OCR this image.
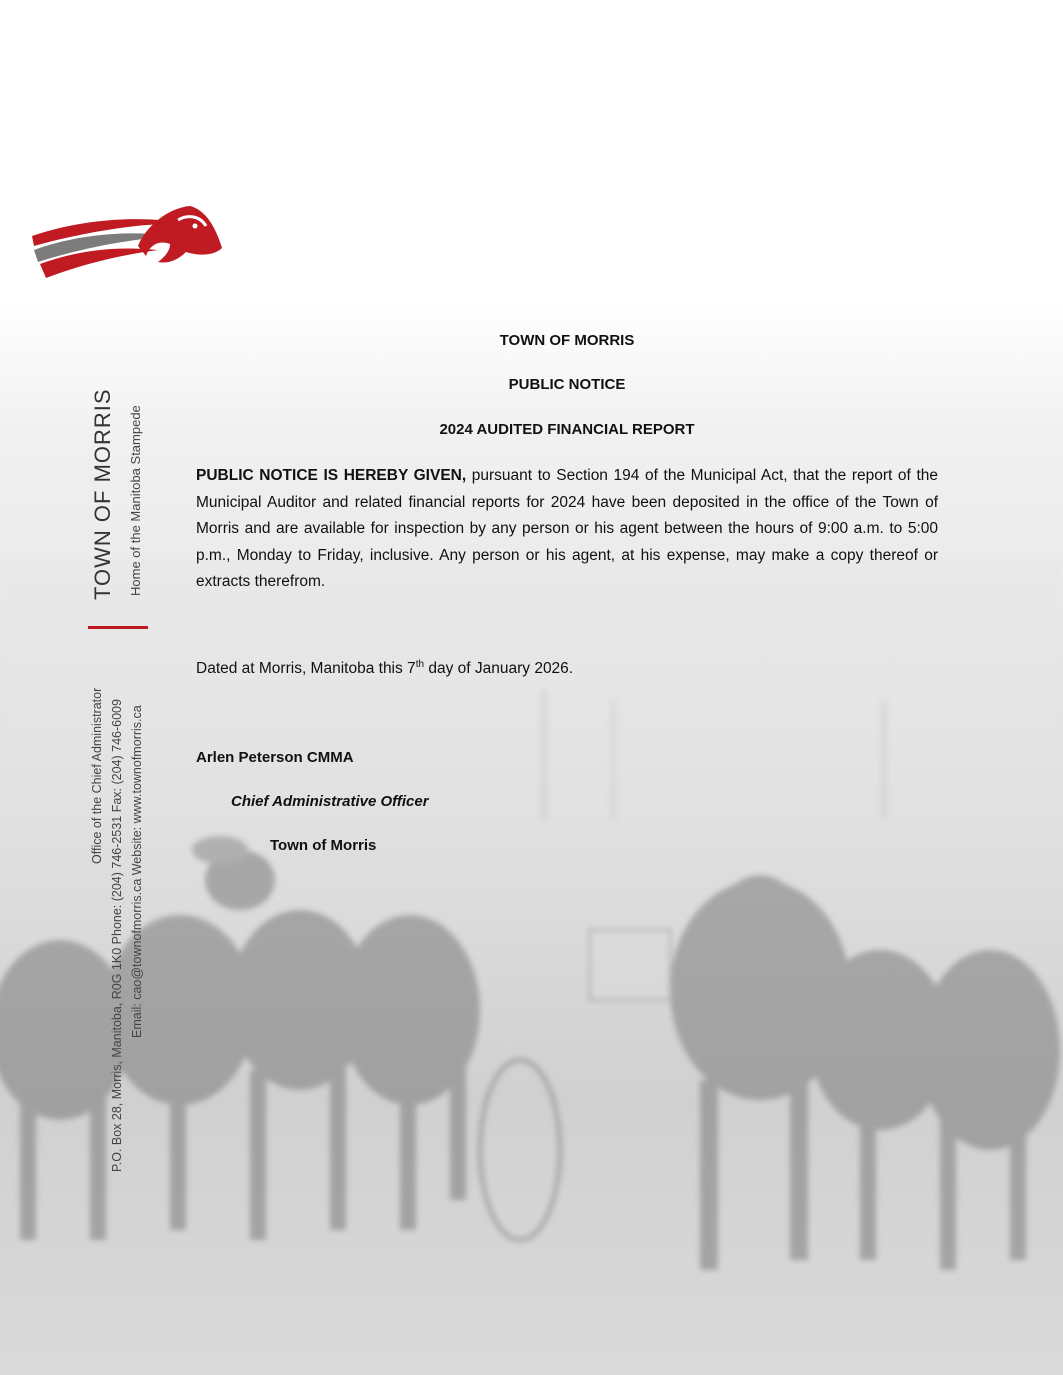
TOWN OF MORRIS Home of the Manitoba Stampede
Office of the Chief Administrator P.O. Box 28, Morris, Manitoba, R0G 1K0 Phone: (204) 746-2531 Fax: (204) 746-6009 Email: cao@townofmorris.ca Website: www.townofmorris.ca
TOWN OF MORRIS
PUBLIC NOTICE
2024 AUDITED FINANCIAL REPORT
PUBLIC NOTICE IS HEREBY GIVEN, pursuant to Section 194 of the Municipal Act, that the report of the Municipal Auditor and related financial reports for 2024 have been deposited in the office of the Town of Morris and are available for inspection by any person or his agent between the hours of 9:00 a.m. to 5:00 p.m., Monday to Friday, inclusive. Any person or his agent, at his expense, may make a copy thereof or extracts therefrom.
Dated at Morris, Manitoba this 7th day of January 2026.
Arlen Peterson CMMA
Chief Administrative Officer
Town of Morris
